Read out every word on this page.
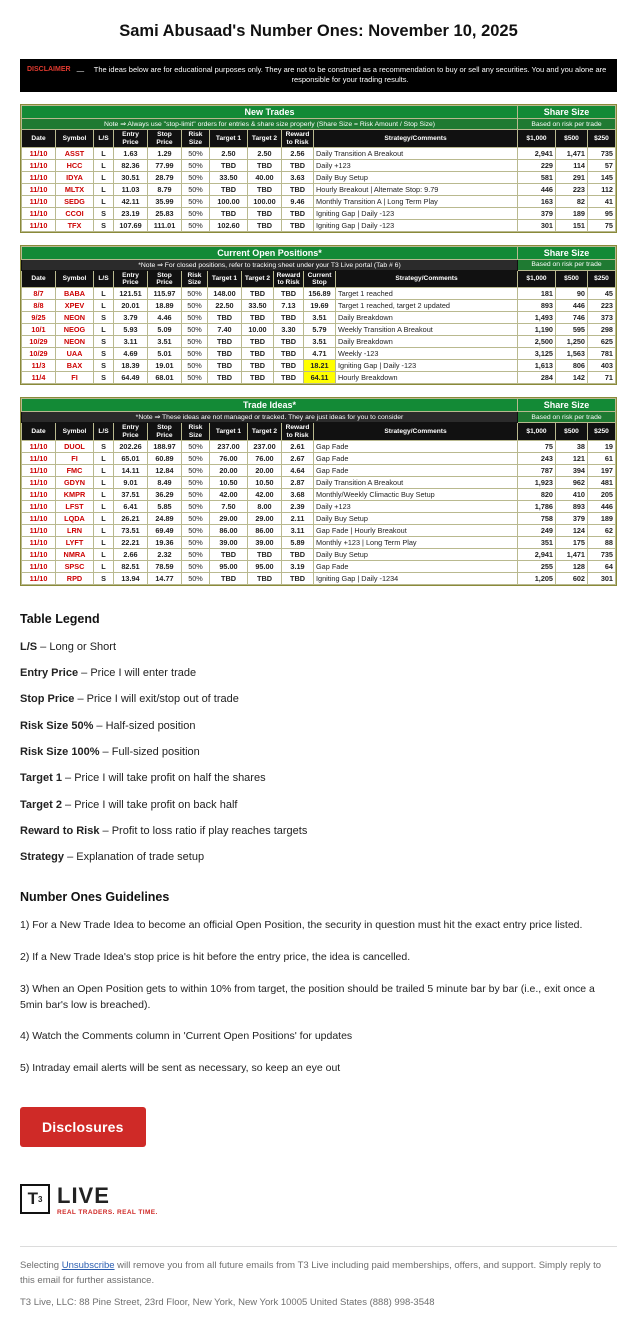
Sami Abusaad's Number Ones: November 10, 2025
DISCLAIMER —	The ideas below are for educational purposes only. They are not to be construed as a recommendation to buy or sell any securities. You and you alone are responsible for your trading results.
New Trades										Share Size		
Note ⇒ Always use "stop-limit" orders for entries & share size properly (Share Size = Risk Amount / Stop Size)										Based on risk per trade		
Date	Symbol	L/S	Entry Price	Stop Price	Risk Size	Target 1	Target 2	Reward to Risk	Strategy/Comments	$1,000	$500	$250
11/10	ASST	L	1.63	1.29	50%	2.50	2.50	2.56	Daily Transition A Breakout	2,941	1,471	735
11/10	HCC	L	82.36	77.99	50%	TBD	TBD	TBD	Daily +123	229	114	57
11/10	IDYA	L	30.51	28.79	50%	33.50	40.00	3.63	Daily Buy Setup	581	291	145
11/10	MLTX	L	11.03	8.79	50%	TBD	TBD	TBD	Hourly Breakout | Alternate Stop: 9.79	446	223	112
11/10	SEDG	L	42.11	35.99	50%	100.00	100.00	9.46	Monthly Transition A | Long Term Play	163	82	41
11/10	CCOI	S	23.19	25.83	50%	TBD	TBD	TBD	Igniting Gap | Daily -123	379	189	95
11/10	TFX	S	107.69	111.01	50%	102.60	TBD	TBD	Igniting Gap | Daily -123	301	151	75
Current Open Positions*											Share Size		
*Note ⇒ For closed positions, refer to tracking sheet under your T3 Live portal (Tab # 6)											Based on risk per trade		
Date	Symbol	L/S	Entry Price	Stop Price	Risk Size	Target 1	Target 2	Reward to Risk	Current Stop	Strategy/Comments	$1,000	$500	$250
8/7	BABA	L	121.51	115.97	50%	148.00	TBD	TBD	156.89	Target 1 reached	181	90	45
8/8	XPEV	L	20.01	18.89	50%	22.50	33.50	7.13	19.69	Target 1 reached, target 2 updated	893	446	223
9/25	NEON	S	3.79	4.46	50%	TBD	TBD	TBD	3.51	Daily Breakdown	1,493	746	373
10/1	NEOG	L	5.93	5.09	50%	7.40	10.00	3.30	5.79	Weekly Transition A Breakout	1,190	595	298
10/29	NEON	S	3.11	3.51	50%	TBD	TBD	TBD	3.51	Daily Breakdown	2,500	1,250	625
10/29	UAA	S	4.69	5.01	50%	TBD	TBD	TBD	4.71	Weekly -123	3,125	1,563	781
11/3	BAX	S	18.39	19.01	50%	TBD	TBD	TBD	18.21	Igniting Gap | Daily -123	1,613	806	403
11/4	FI	S	64.49	68.01	50%	TBD	TBD	TBD	64.11	Hourly Breakdown	284	142	71
Trade Ideas*										Share Size		
*Note ⇒ These ideas are not managed or tracked. They are just ideas for you to consider										Based on risk per trade		
Date	Symbol	L/S	Entry Price	Stop Price	Risk Size	Target 1	Target 2	Reward to Risk	Strategy/Comments	$1,000	$500	$250
11/10	DUOL	S	202.26	188.97	50%	237.00	237.00	2.61	Gap Fade	75	38	19
11/10	FI	L	65.01	60.89	50%	76.00	76.00	2.67	Gap Fade	243	121	61
11/10	FMC	L	14.11	12.84	50%	20.00	20.00	4.64	Gap Fade	787	394	197
11/10	GDYN	L	9.01	8.49	50%	10.50	10.50	2.87	Daily Transition A Breakout	1,923	962	481
11/10	KMPR	L	37.51	36.29	50%	42.00	42.00	3.68	Monthly/Weekly Climactic Buy Setup	820	410	205
11/10	LFST	L	6.41	5.85	50%	7.50	8.00	2.39	Daily +123	1,786	893	446
11/10	LQDA	L	26.21	24.89	50%	29.00	29.00	2.11	Daily Buy Setup	758	379	189
11/10	LRN	L	73.51	69.49	50%	86.00	86.00	3.11	Gap Fade | Hourly Breakout	249	124	62
11/10	LYFT	L	22.21	19.36	50%	39.00	39.00	5.89	Monthly +123 | Long Term Play	351	175	88
11/10	NMRA	L	2.66	2.32	50%	TBD	TBD	TBD	Daily Buy Setup	2,941	1,471	735
11/10	SPSC	L	82.51	78.59	50%	95.00	95.00	3.19	Gap Fade	255	128	64
11/10	RPD	S	13.94	14.77	50%	TBD	TBD	TBD	Igniting Gap | Daily -1234	1,205	602	301
Table Legend

L/S – Long or Short

Entry Price – Price I will enter trade

Stop Price – Price I will exit/stop out of trade

Risk Size 50% – Half-sized position

Risk Size 100% – Full-sized position

Target 1 – Price I will take profit on half the shares

Target 2 – Price I will take profit on back half

Reward to Risk – Profit to loss ratio if play reaches targets

Strategy – Explanation of trade setup

Number Ones Guidelines

1) For a New Trade Idea to become an official Open Position, the security in question must hit the exact entry price listed.

2) If a New Trade Idea's stop price is hit before the entry price, the idea is cancelled.

3) When an Open Position gets to within 10% from target, the position should be trailed 5 minute bar by bar (i.e., exit once a 5min bar's low is breached).

4) Watch the Comments column in 'Current Open Positions' for updates

5) Intraday email alerts will be sent as necessary, so keep an eye out

Disclosures
T 3 LIVE
REAL TRADERS. REAL TIME.

Selecting Unsubscribe will remove you from all future emails from T3 Live including paid memberships, offers, and support. Simply reply to this email for further assistance.

T3 Live, LLC: 88 Pine Street, 23rd Floor, New York, New York 10005 United States (888) 998-3548
